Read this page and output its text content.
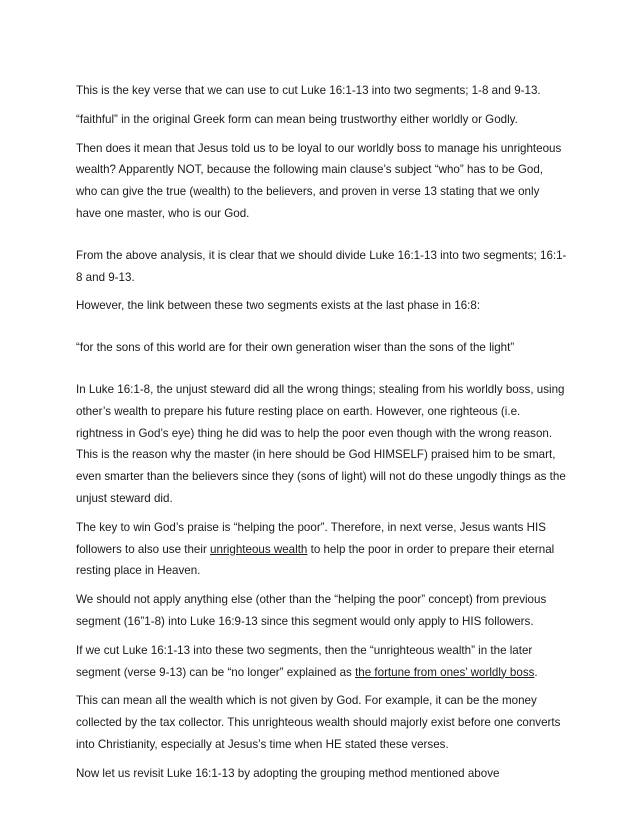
This is the key verse that we can use to cut Luke 16:1-13 into two segments; 1-8 and 9-13.

“faithful” in the original Greek form can mean being trustworthy either worldly or Godly.

Then does it mean that Jesus told us to be loyal to our worldly boss to manage his unrighteous
wealth? Apparently NOT, because the following main clause’s subject “who” has to be God,
who can give the true (wealth) to the believers, and proven in verse 13 stating that we only
have one master, who is our God.

From the above analysis, it is clear that we should divide Luke 16:1-13 into two segments; 16:1-
8 and 9-13.

However, the link between these two segments exists at the last phase in 16:8:

“for the sons of this world are for their own generation wiser than the sons of the light”

In Luke 16:1-8, the unjust steward did all the wrong things; stealing from his worldly boss, using
other’s wealth to prepare his future resting place on earth. However, one righteous (i.e.
rightness in God’s eye) thing he did was to help the poor even though with the wrong reason.
This is the reason why the master (in here should be God HIMSELF) praised him to be smart,
even smarter than the believers since they (sons of light) will not do these ungodly things as the
unjust steward did.

The key to win God’s praise is “helping the poor”. Therefore, in next verse, Jesus wants HIS
followers to also use their unrighteous wealth to help the poor in order to prepare their eternal
resting place in Heaven.

We should not apply anything else (other than the “helping the poor” concept) from previous
segment (16”1-8) into Luke 16:9-13 since this segment would only apply to HIS followers.

If we cut Luke 16:1-13 into these two segments, then the “unrighteous wealth” in the later
segment (verse 9-13) can be “no longer” explained as the fortune from ones’ worldly boss.

This can mean all the wealth which is not given by God. For example, it can be the money
collected by the tax collector. This unrighteous wealth should majorly exist before one converts
into Christianity, especially at Jesus’s time when HE stated these verses.

Now let us revisit Luke 16:1-13 by adopting the grouping method mentioned above
